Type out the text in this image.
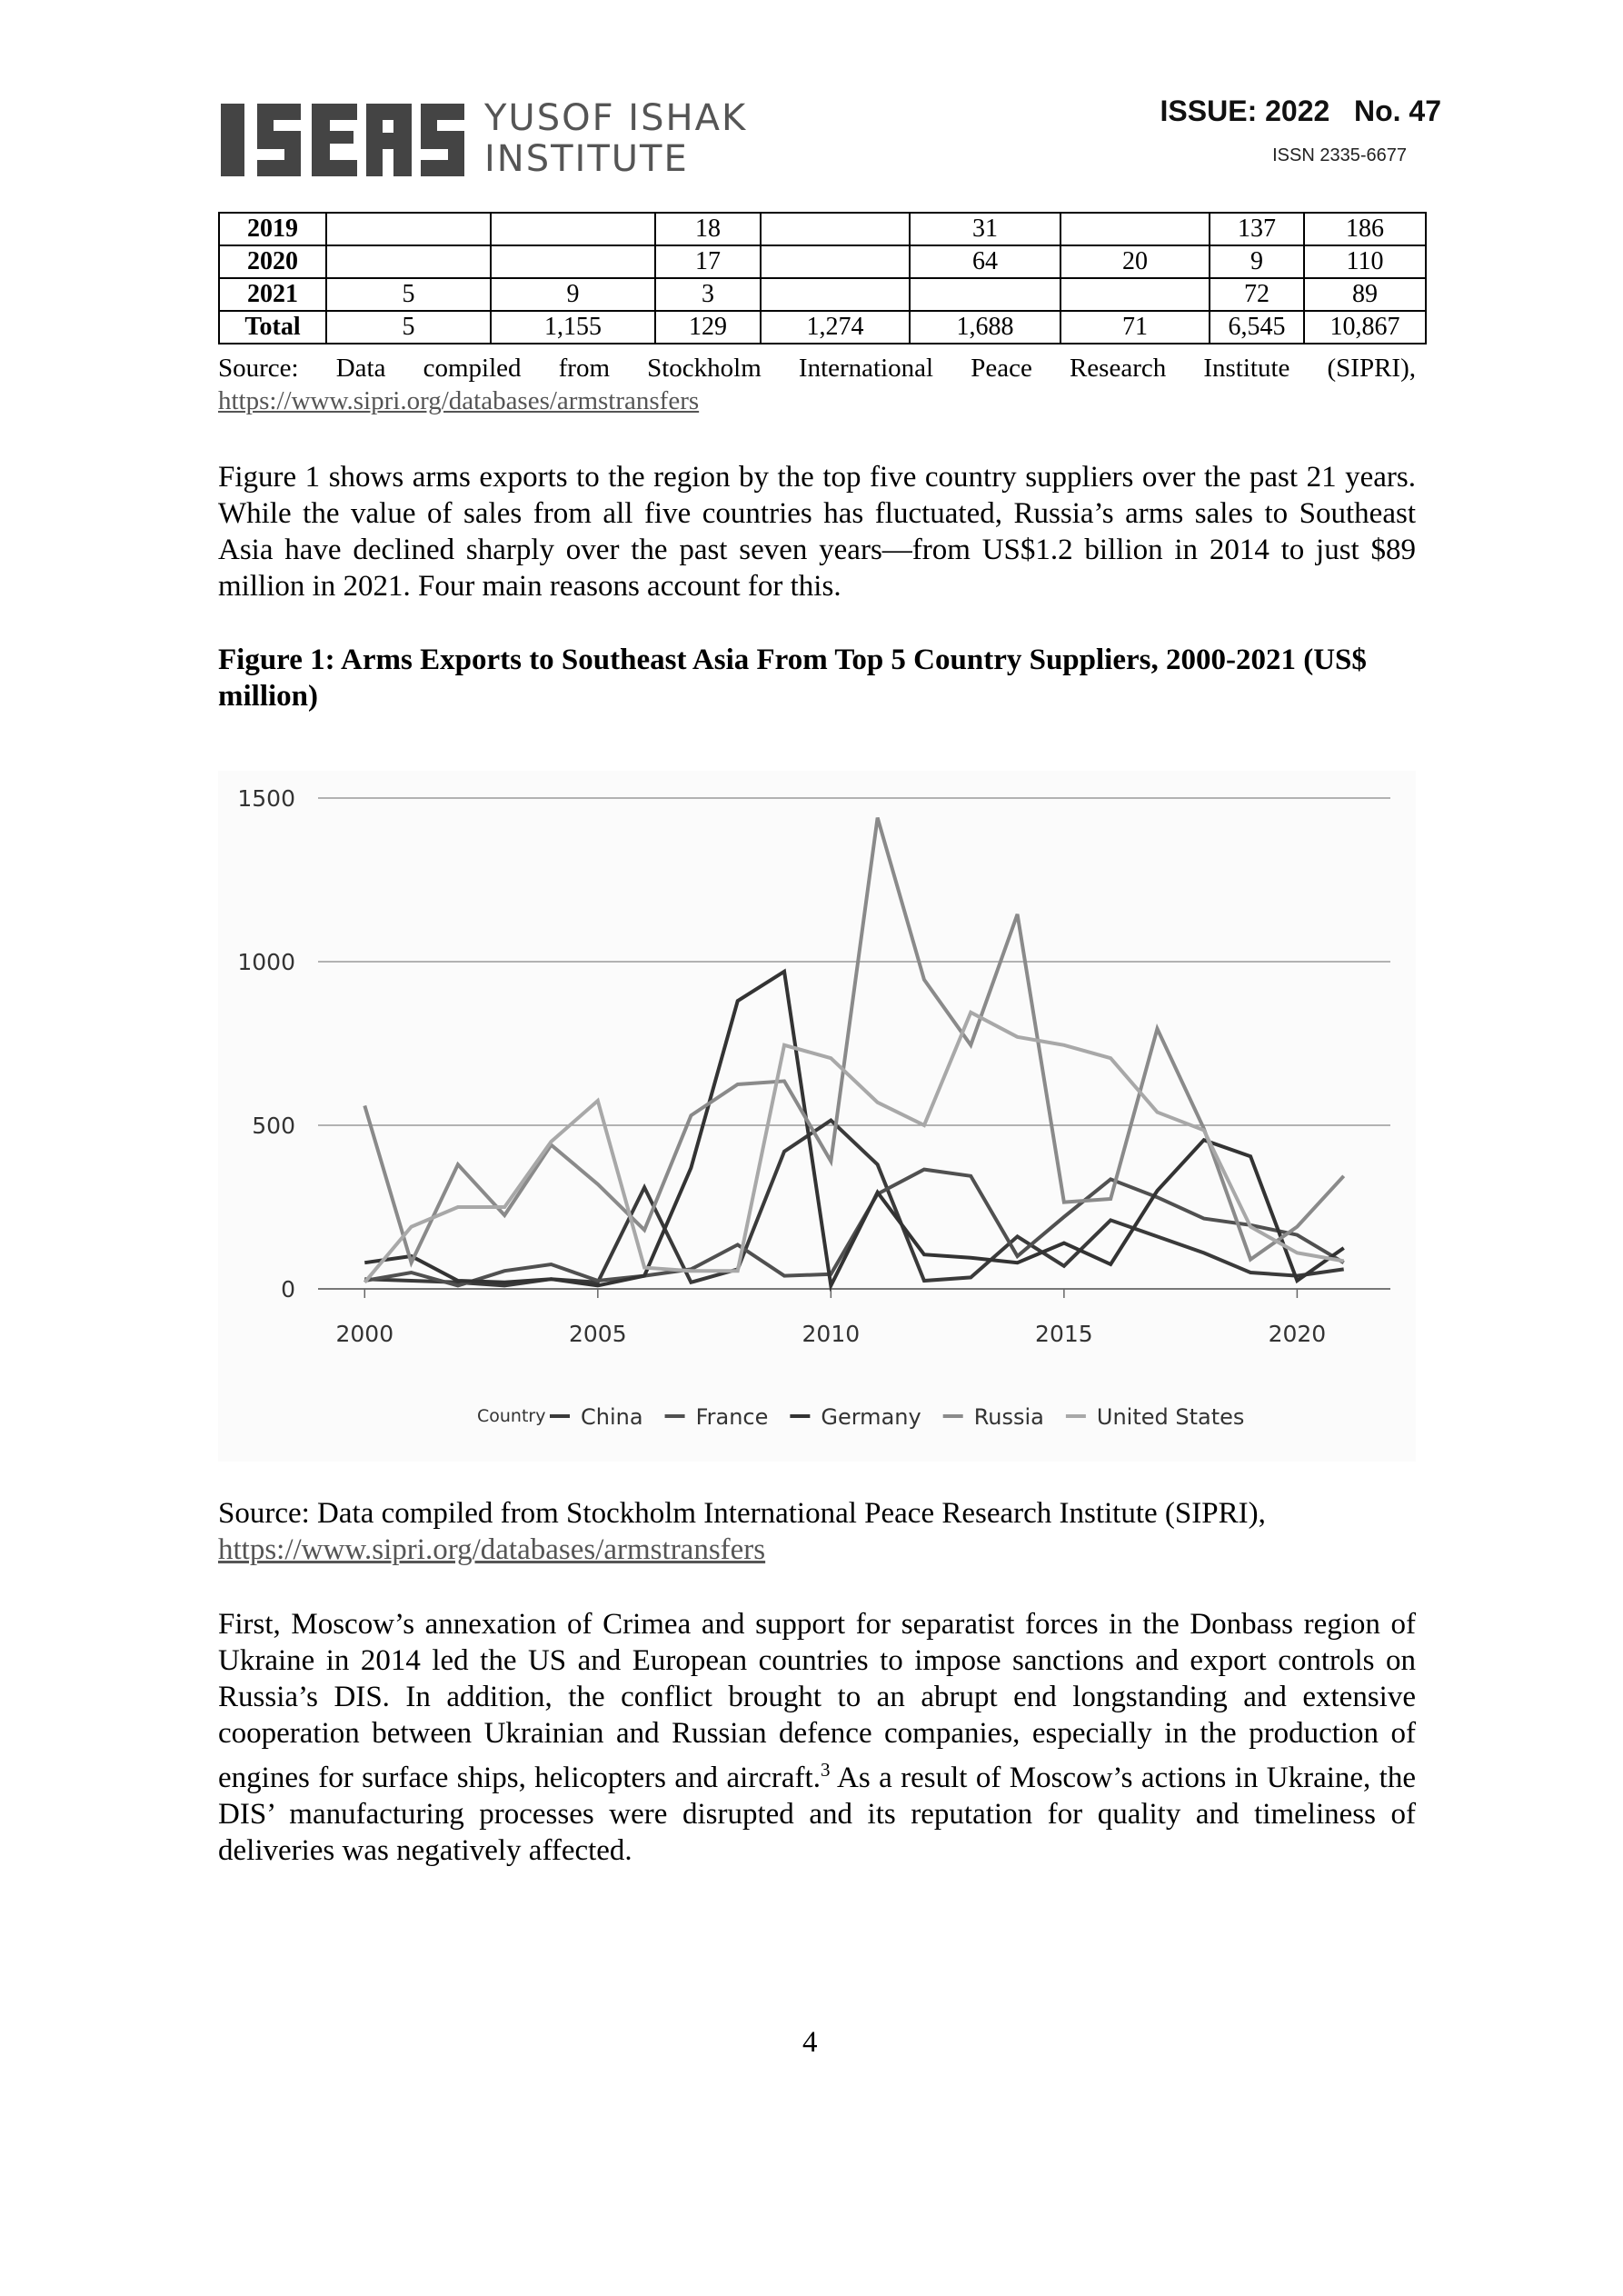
YUSOF ISHAK
INSTITUTE
ISSUE: 2022   No. 47
ISSN 2335-6677
2019			18		31		137	186
2020			17		64	20	9	110
2021	5	9	3				72	89
Total	5	1,155	129	1,274	1,688	71	6,545	10,867
Source: Data compiled from Stockholm International Peace Research Institute (SIPRI),
https://www.sipri.org/databases/armstransfers
Figure 1 shows arms exports to the region by the top five country suppliers over the past 21 years. While the value of sales from all five countries has fluctuated, Russia’s arms sales to Southeast Asia have declined sharply over the past seven years―from US$1.2 billion in 2014 to just $89 million in 2021. Four main reasons account for this.
Figure 1: Arms Exports to Southeast Asia From Top 5 Country Suppliers, 2000-2021 (US$ million)
0
500
1000
1500
2000	2005	2010	2015	2020
Country China France Germany Russia United States
Source: Data compiled from Stockholm International Peace Research Institute (SIPRI),
https://www.sipri.org/databases/armstransfers
First, Moscow’s annexation of Crimea and support for separatist forces in the Donbass region of Ukraine in 2014 led the US and European countries to impose sanctions and export controls on Russia’s DIS. In addition, the conflict brought to an abrupt end longstanding and extensive cooperation between Ukrainian and Russian defence companies, especially in the production of engines for surface ships, helicopters and aircraft.$^3$ As a result of Moscow’s actions in Ukraine, the DIS’ manufacturing processes were disrupted and its reputation for quality and timeliness of deliveries was negatively affected.
4
